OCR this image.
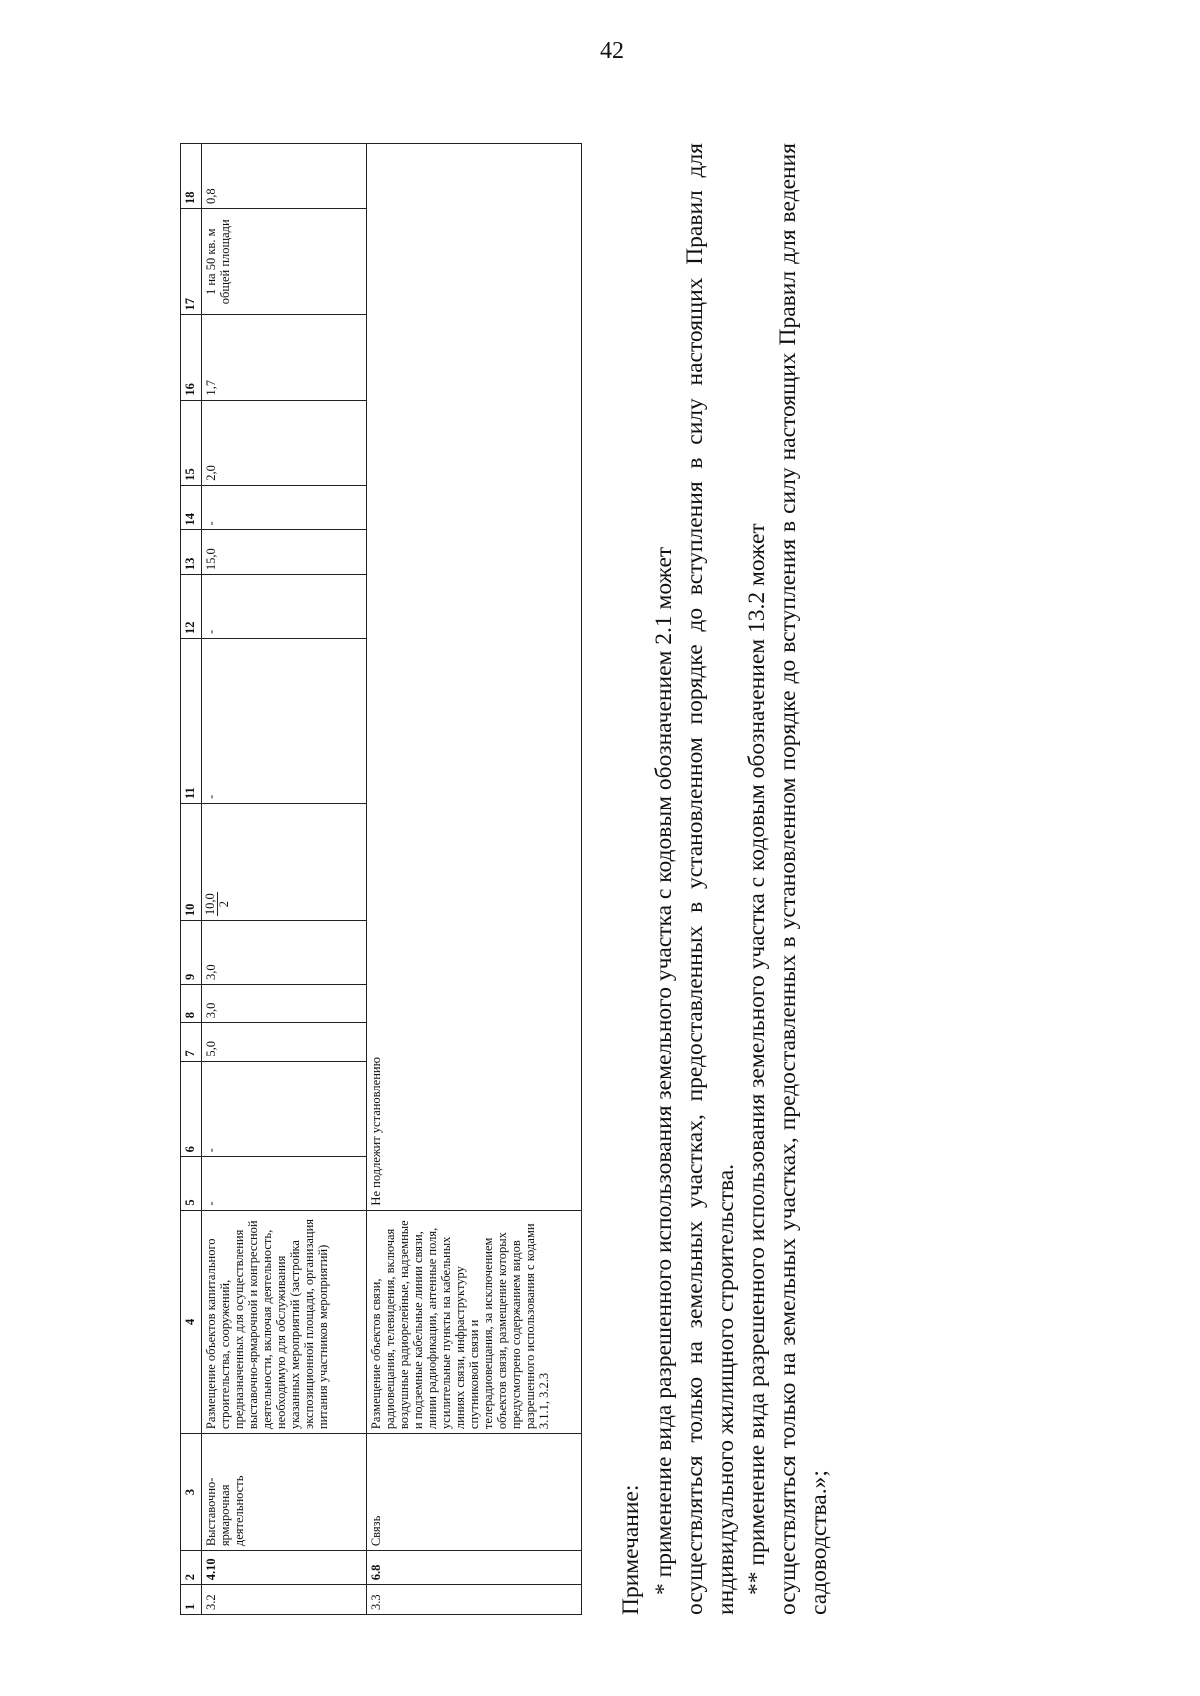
42
1	2	3	4	5	6	7	8	9	10	11	12	13	14	15	16	17	18
3.2	4.10	Выставочно-ярмарочная деятельность	Размещение объектов капитального строительства, сооружений, предназначенных для осуществления выставочно-ярмарочной и конгрессной деятельности, включая деятельность, необходимую для обслуживания указанных мероприятий (застройка экспозиционной площади, организация питания участников мероприятий)	-	-	5,0	3,0	3,0	10,0 2	-	-	15,0	-	2,0	1,7	1 на 50 кв. м общей площади	0,8
3.3	6.8	Связь	Размещение объектов связи, радиовещания, телевидения, включая воздушные радиорелейные, надземные и подземные кабельные линии связи, линии радиофикации, антенные поля, усилительные пункты на кабельных линиях связи, инфраструктуру спутниковой связи и телерадиовещания, за исключением объектов связи, размещение которых предусмотрено содержанием видов разрешенного использования с кодами 3.1.1, 3.2.3	Не подлежит установлению													
Примечание: * применение вида разрешенного использования земельного участка с кодовым обозначением 2.1 может осуществляться только на земельных участках, предоставленных в установленном порядке до вступления в силу настоящих Правил для индивидуального жилищного строительства. ** применение вида разрешенного использования земельного участка с кодовым обозначением 13.2 может осуществляться только на земельных участках, предоставленных в установленном порядке до вступления в силу настоящих Правил для ведения садоводства.»;
